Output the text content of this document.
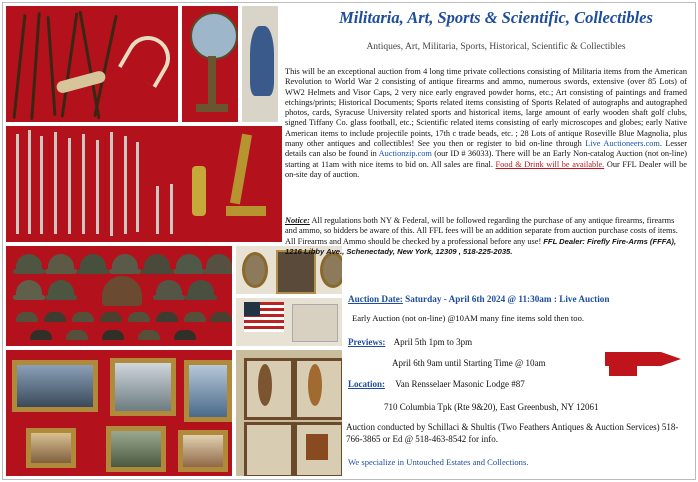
Militaria, Art, Sports & Scientific, Collectibles
Antiques, Art, Militaria, Sports, Historical, Scientific & Collectibles
This will be an exceptional auction from 4 long time private collections consisting of Militaria items from the American Revolution to World War 2 consisting of antique firearms and ammo, numerous swords, extensive (over 85 Lots) of WW2 Helmets and Visor Caps, 2 very nice early engraved powder horns, etc.; Art consisting of paintings and framed etchings/prints; Historical Documents; Sports related items consisting of Sports Related of autographs and autographed photos, cards, Syracuse University related sports and historical items, large amount of early wooden shaft golf clubs, signed Tiffany Co. glass football, etc.; Scientific related items consisting of early microscopes and globes; early Native American items to include projectile points, 17th c trade beads, etc. ; 28 Lots of antique Roseville Blue Magnolia, plus many other antiques and collectibles! See you then or register to bid on-line through Live Auctioneers.com. Lesser details can also be found in Auctionzip.com (our ID # 36033). There will be an Early Non-catalog Auction (not on-line) starting at 11am with nice items to bid on. All sales are final. Food & Drink will be available. Our FFL Dealer will be on-site day of auction.
Notice: All regulations both NY & Federal, will be followed regarding the purchase of any antique firearms, firearms and ammo, so bidders be aware of this. All FFL fees will be an addition separate from auction purchase costs of items. All Firearms and Ammo should be checked by a professional before any use! FFL Dealer: Firefly Fire-Arms (FFFA), 1216 Libby Ave., Schenectady, New York, 12309 , 518-225-2035.
Auction Date: Saturday - April 6th 2024 @ 11:30am : Live Auction
Early Auction (not on-line) @10AM many fine items sold then too.
Previews: April 5th 1pm to 3pm
April 6th 9am until Starting Time @ 10am
Location: Van Rensselaer Masonic Lodge #87
710 Columbia Tpk (Rte 9&20), East Greenbush, NY 12061
Auction conducted by Schillaci & Shultis (Two Feathers Antiques & Auction Services) 518-766-3865 or Ed @ 518-463-8542 for info.
We specialize in Untouched Estates and Collections.
